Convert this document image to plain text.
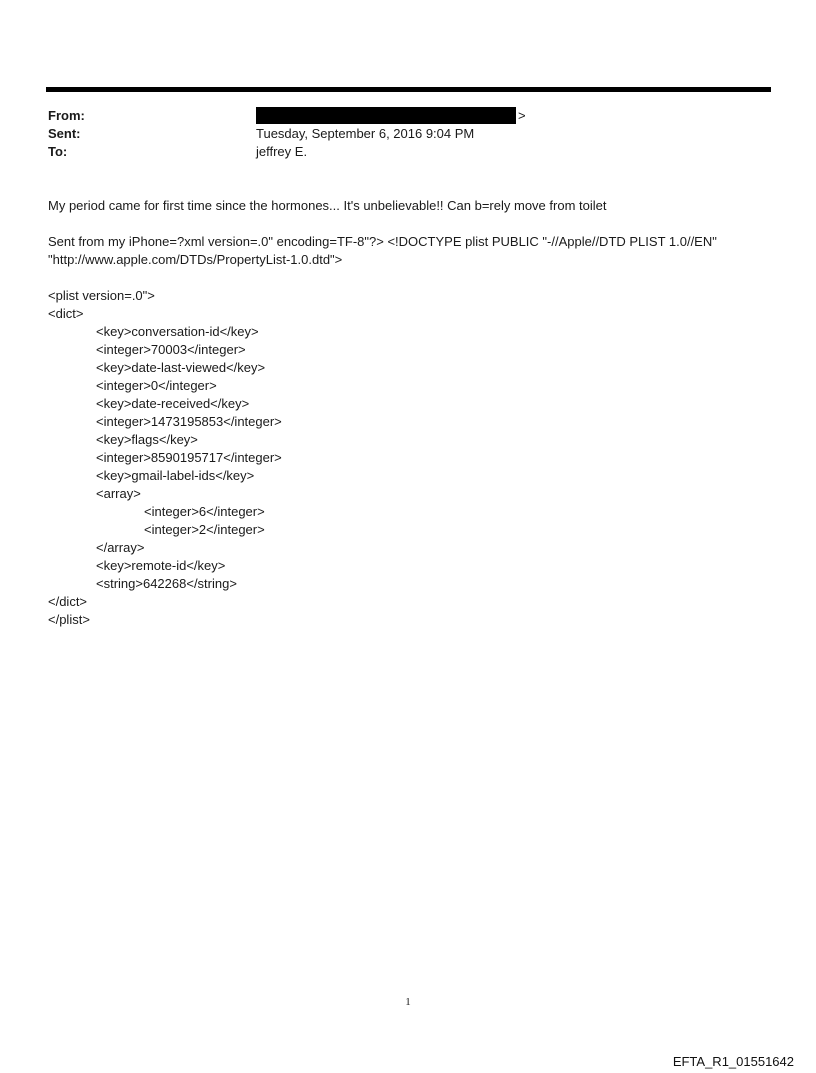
From:	>
Sent:	Tuesday, September 6, 2016 9:04 PM
To:	jeffrey E.
My period came for first time since the hormones... It's unbelievable!! Can b=rely move from toilet
Sent from my iPhone=?xml version=.0" encoding=TF-8"?> <!DOCTYPE plist PUBLIC "-//Apple//DTD PLIST 1.0//EN"
"http://www.apple.com/DTDs/PropertyList-1.0.dtd">
<plist version=.0">
<dict>
<key>conversation-id</key>
<integer>70003</integer>
<key>date-last-viewed</key>
<integer>0</integer>
<key>date-received</key>
<integer>1473195853</integer>
<key>flags</key>
<integer>8590195717</integer>
<key>gmail-label-ids</key>
<array>
<integer>6</integer>
<integer>2</integer>
</array>
<key>remote-id</key>
<string>642268</string>
</dict>
</plist>
1
EFTA_R1_01551642
